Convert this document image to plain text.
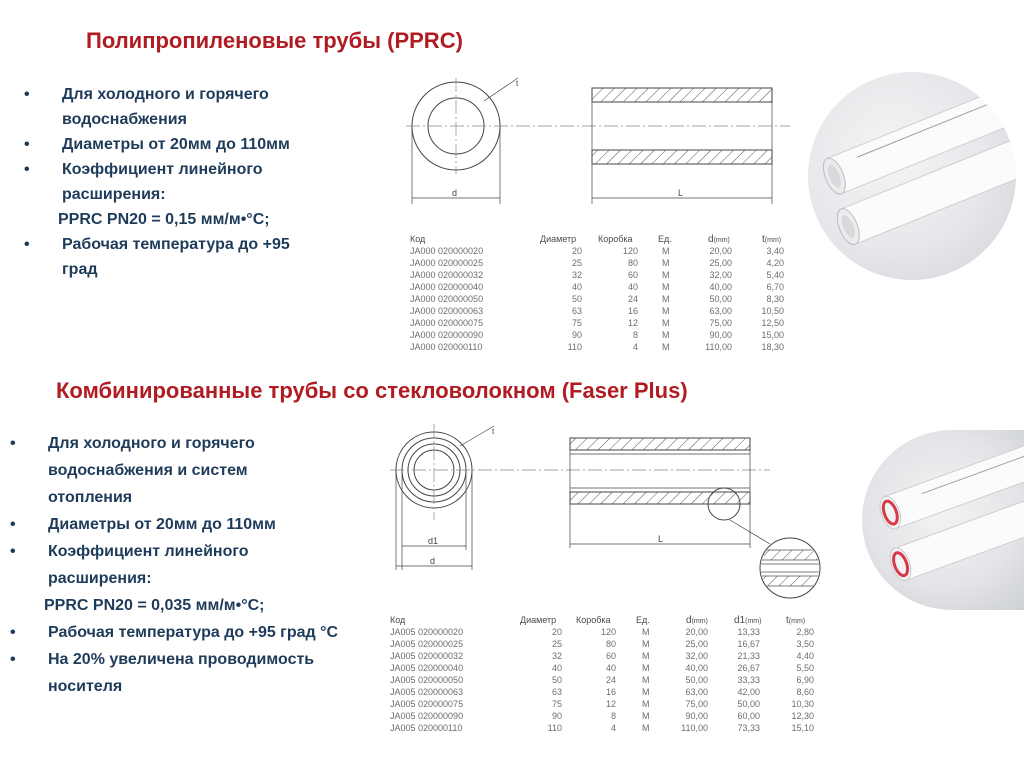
Полипропиленовые трубы (PPRC)
• Для холодного и горячего водоснабжения
• Диаметры от 20мм до 110мм
• Коэффициент линейного расширения:
PPRC PN20 = 0,15 мм/м•°С;
• Рабочая температура до +95 град
t
d	L
Код	Диаметр Коробка	Ед.	d(mm)	t(mm)
JA000 020000020	20	120	M	20,00	3,40
JA000 020000025	25	80	M	25,00	4,20
JA000 020000032	32	60	M	32,00	5,40
JA000 020000040	40	40	M	40,00	6,70
JA000 020000050	50	24	M	50,00	8,30
JA000 020000063	63	16	M	63,00	10,50
JA000 020000075	75	12	M	75,00	12,50
JA000 020000090	90	8	M	90,00	15,00
JA000 020000110	110	4	M	110,00	18,30
Комбинированные трубы со стекловолокном (Faser Plus)
• Для холодного и горячего водоснабжения и систем отопления
• Диаметры от 20мм до 110мм
• Коэффициент линейного расширения:
PPRC PN20 = 0,035 мм/м•°С;
• Рабочая температура до +95 град °С
• На 20% увеличена проводимость носителя
t
d1
d
L
Код	Диаметр Коробка	Ед.	d(mm)	d1(mm) t(mm)
JA005 020000020	20	120	M	20,00	13,33	2,80
JA005 020000025	25	80	M	25,00	16,67	3,50
JA005 020000032	32	60	M	32,00	21,33	4,40
JA005 020000040	40	40	M	40,00	26,67	5,50
JA005 020000050	50	24	M	50,00	33,33	6,90
JA005 020000063	63	16	M	63,00	42,00	8,60
JA005 020000075	75	12	M	75,00	50,00	10,30
JA005 020000090	90	8	M	90,00	60,00	12,30
JA005 020000110	110	4	M	110,00	73,33	15,10
